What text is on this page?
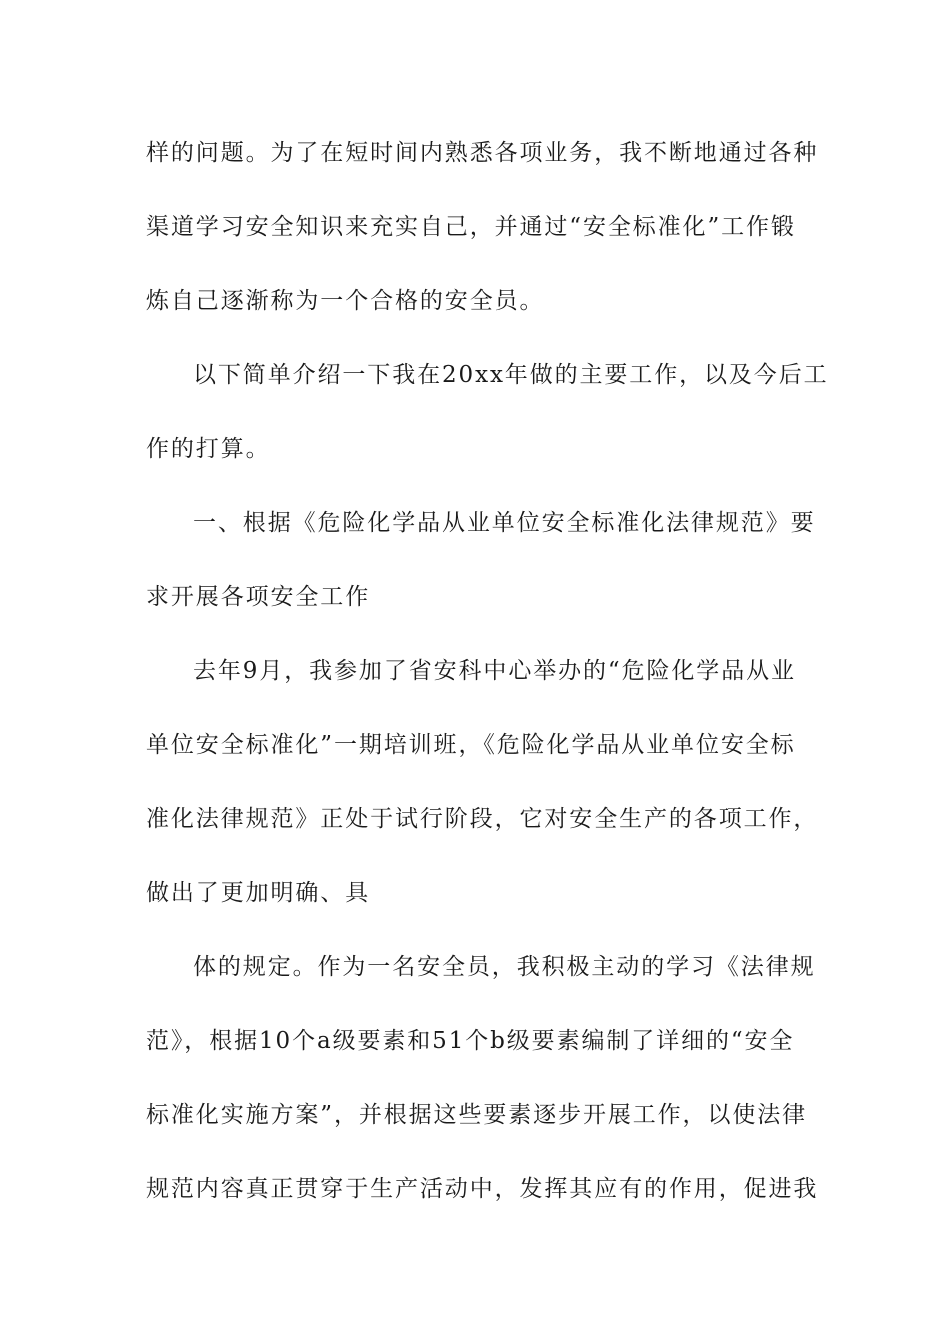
样的问题。为了在短时间内熟悉各项业务，我不断地通过各种
渠道学习安全知识来充实自己，并通过“安全标准化”工作锻
炼自己逐渐称为一个合格的安全员。
以下简单介绍一下我在20xx年做的主要工作，以及今后工
作的打算。
一、根据《危险化学品从业单位安全标准化法律规范》要
求开展各项安全工作
去年9月，我参加了省安科中心举办的“危险化学品从业
单位安全标准化”一期培训班，《危险化学品从业单位安全标
准化法律规范》正处于试行阶段，它对安全生产的各项工作，
做出了更加明确、具
体的规定。作为一名安全员，我积极主动的学习《法律规
范》，根据10个a级要素和51个b级要素编制了详细的“安全
标准化实施方案”，并根据这些要素逐步开展工作，以使法律
规范内容真正贯穿于生产活动中，发挥其应有的作用，促进我
